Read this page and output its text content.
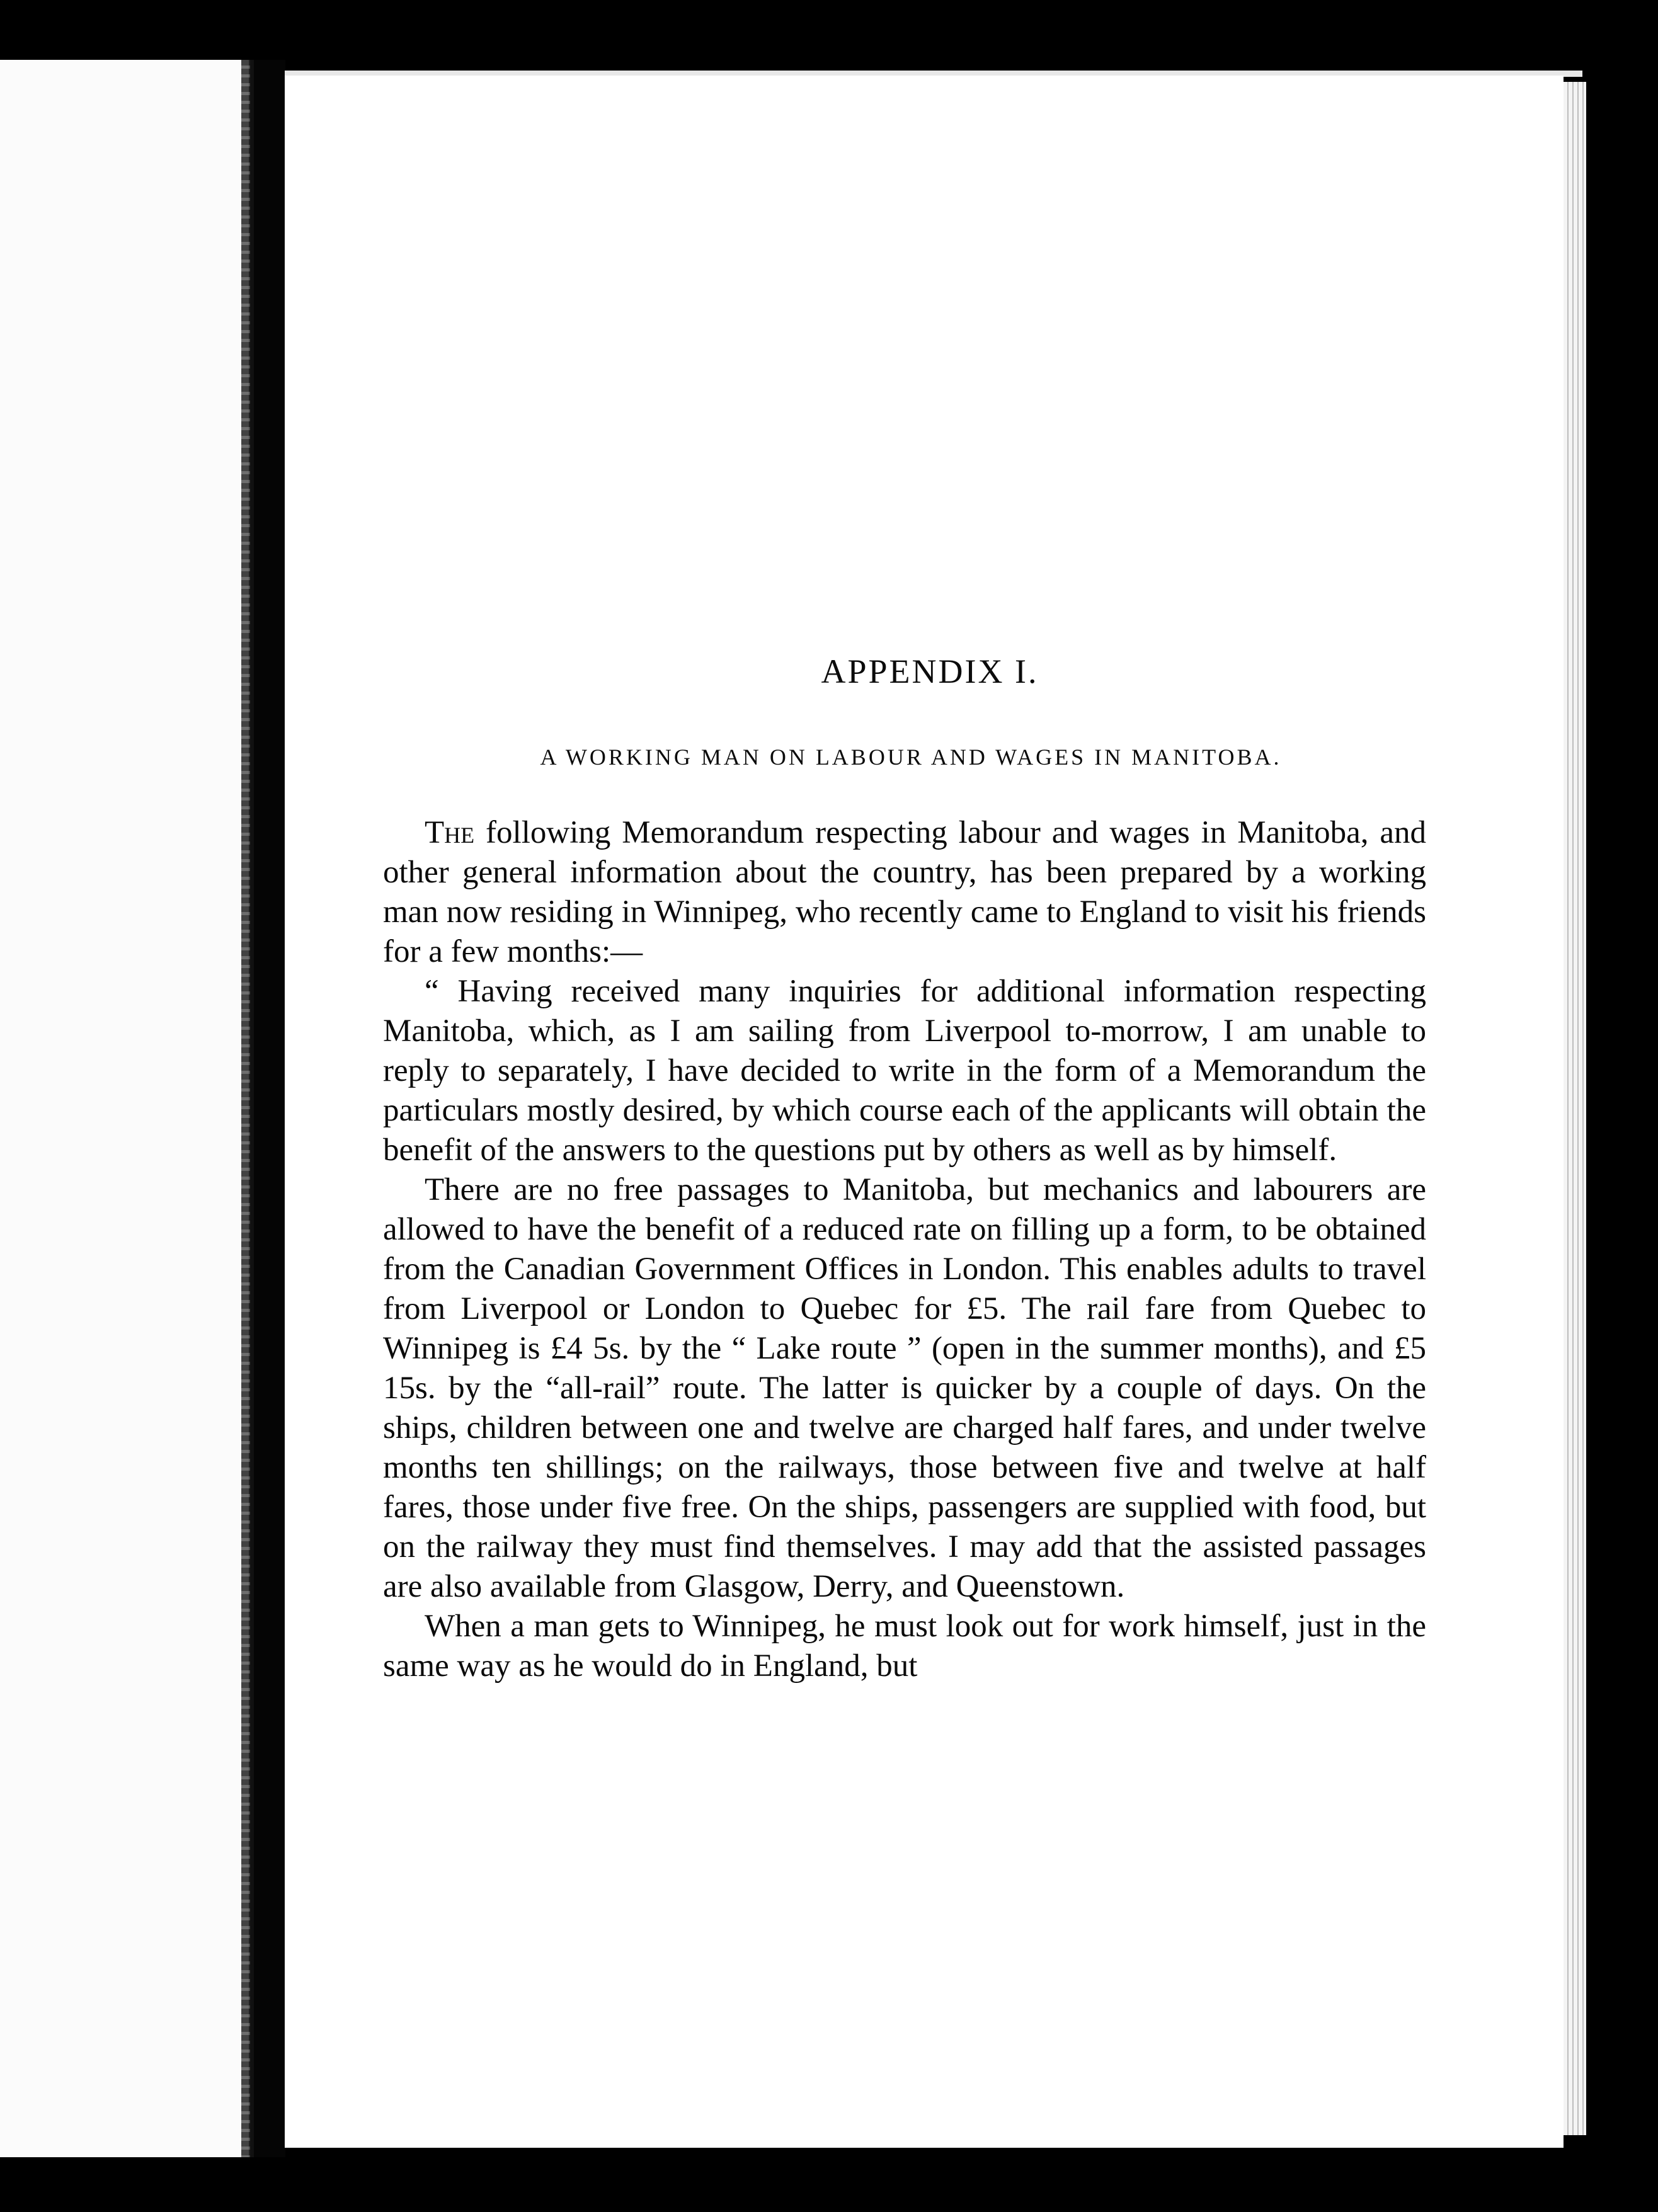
APPENDIX I.
A WORKING MAN ON LABOUR AND WAGES IN MANITOBA.

The following Memorandum respecting labour and wages in Manitoba, and other general information about the country, has been prepared by a working man now residing in Winnipeg, who recently came to England to visit his friends for a few months:—

“ Having received many inquiries for additional information respecting Manitoba, which, as I am sailing from Liverpool to-morrow, I am unable to reply to separately, I have decided to write in the form of a Memorandum the particulars mostly desired, by which course each of the applicants will obtain the benefit of the answers to the questions put by others as well as by himself.

There are no free passages to Manitoba, but mechanics and labourers are allowed to have the benefit of a reduced rate on filling up a form, to be obtained from the Canadian Government Offices in London. This enables adults to travel from Liverpool or London to Quebec for £5. The rail fare from Quebec to Winnipeg is £4 5s. by the “ Lake route ” (open in the summer months), and £5 15s. by the “all-rail” route. The latter is quicker by a couple of days. On the ships, children between one and twelve are charged half fares, and under twelve months ten shillings; on the railways, those between five and twelve at half fares, those under five free. On the ships, passengers are supplied with food, but on the railway they must find themselves. I may add that the assisted passages are also available from Glasgow, Derry, and Queenstown.

When a man gets to Winnipeg, he must look out for work himself, just in the same way as he would do in England, but
